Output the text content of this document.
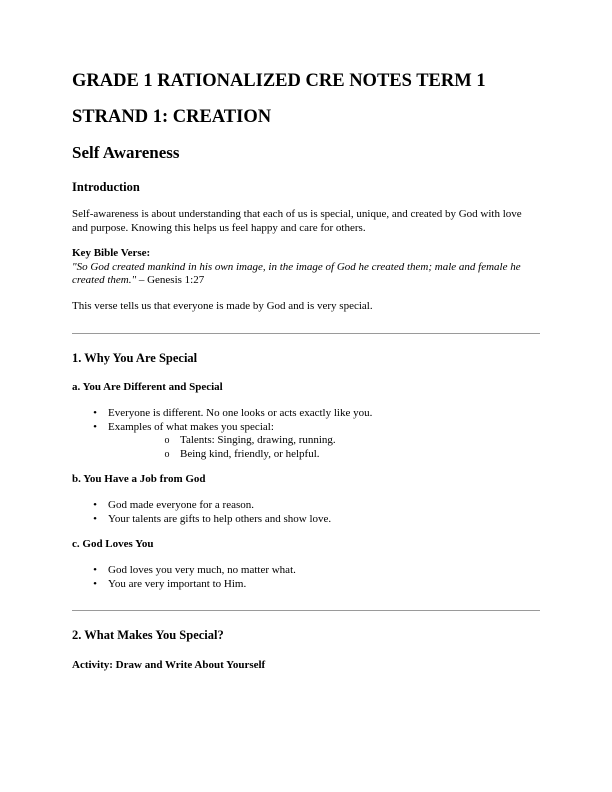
GRADE 1 RATIONALIZED CRE NOTES TERM 1
STRAND 1: CREATION
Self Awareness
Introduction

Self-awareness is about understanding that each of us is special, unique, and created by God with love and purpose. Knowing this helps us feel happy and care for others.

Key Bible Verse:
"So God created mankind in his own image, in the image of God he created them; male and female he created them." – Genesis 1:27

This verse tells us that everyone is made by God and is very special.

1. Why You Are Special
a. You Are Different and Special
• Everyone is different. No one looks or acts exactly like you.
• Examples of what makes you special:
o Talents: Singing, drawing, running.
o Being kind, friendly, or helpful.
b. You Have a Job from God
• God made everyone for a reason.
• Your talents are gifts to help others and show love.
c. God Loves You
• God loves you very much, no matter what.
• You are very important to Him.
2. What Makes You Special?
Activity: Draw and Write About Yourself
